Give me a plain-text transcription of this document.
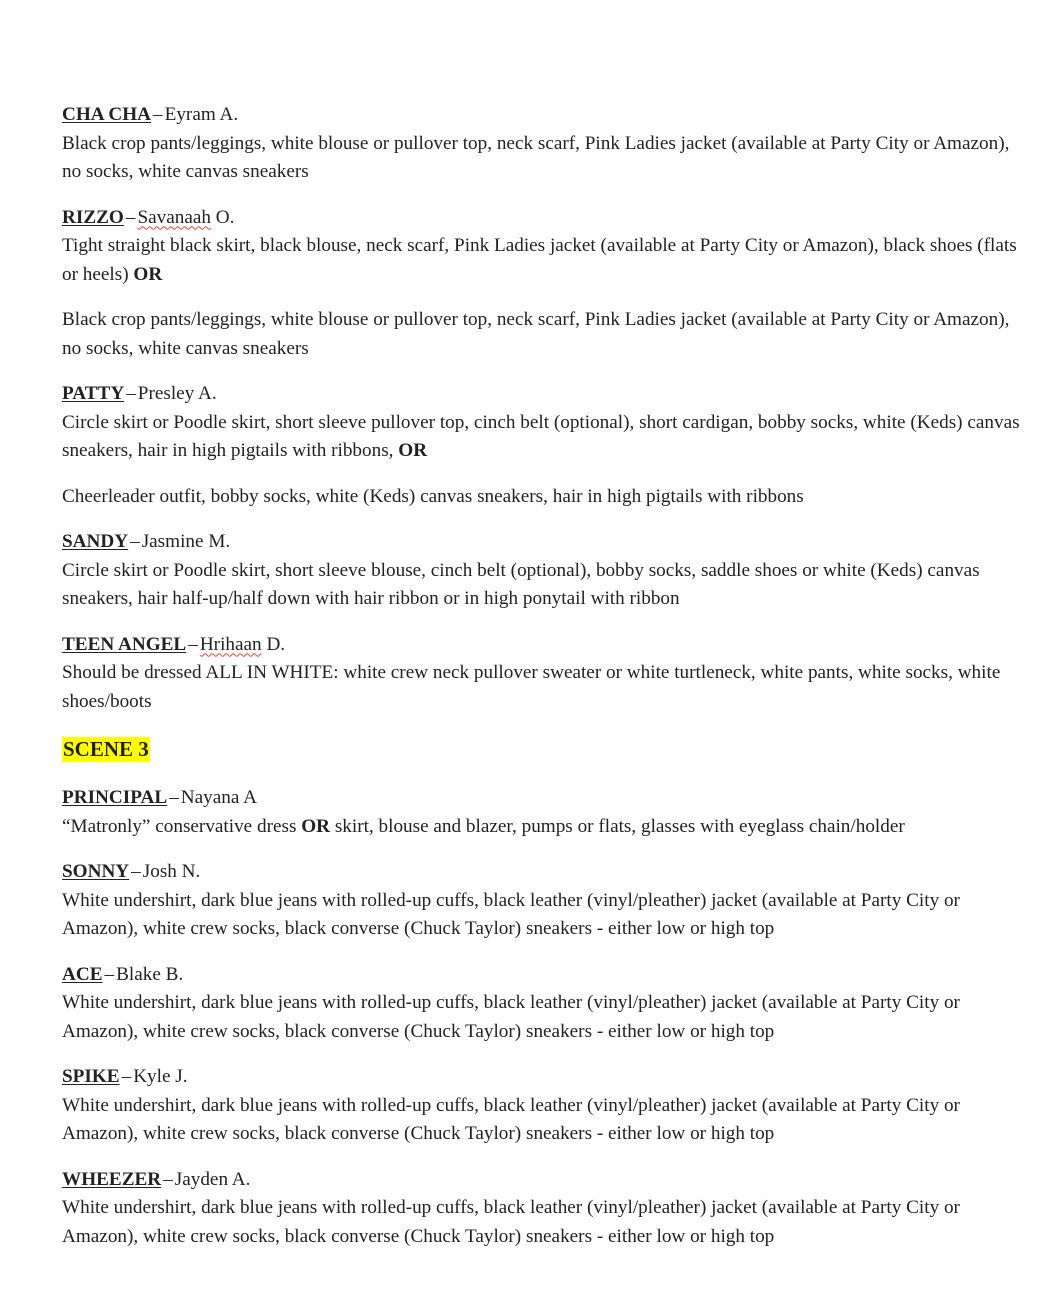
CHA CHA – Eyram A.
Black crop pants/leggings, white blouse or pullover top, neck scarf, Pink Ladies jacket (available at Party City or Amazon), no socks, white canvas sneakers
RIZZO – Savanaah O.
Tight straight black skirt, black blouse, neck scarf, Pink Ladies jacket (available at Party City or Amazon), black shoes (flats or heels) OR
Black crop pants/leggings, white blouse or pullover top, neck scarf, Pink Ladies jacket (available at Party City or Amazon), no socks, white canvas sneakers
PATTY – Presley A.
Circle skirt or Poodle skirt, short sleeve pullover top, cinch belt (optional), short cardigan, bobby socks, white (Keds) canvas sneakers, hair in high pigtails with ribbons, OR
Cheerleader outfit, bobby socks, white (Keds) canvas sneakers, hair in high pigtails with ribbons
SANDY – Jasmine M.
Circle skirt or Poodle skirt, short sleeve blouse, cinch belt (optional), bobby socks, saddle shoes or white (Keds) canvas sneakers, hair half-up/half down with hair ribbon or in high ponytail with ribbon
TEEN ANGEL – Hrihaan D.
Should be dressed ALL IN WHITE: white crew neck pullover sweater or white turtleneck, white pants, white socks, white shoes/boots
SCENE 3
PRINCIPAL – Nayana A
“Matronly” conservative dress OR skirt, blouse and blazer, pumps or flats, glasses with eyeglass chain/holder
SONNY – Josh N.
White undershirt, dark blue jeans with rolled-up cuffs, black leather (vinyl/pleather) jacket (available at Party City or Amazon), white crew socks, black converse (Chuck Taylor) sneakers - either low or high top
ACE – Blake B.
White undershirt, dark blue jeans with rolled-up cuffs, black leather (vinyl/pleather) jacket (available at Party City or Amazon), white crew socks, black converse (Chuck Taylor) sneakers - either low or high top
SPIKE – Kyle J.
White undershirt, dark blue jeans with rolled-up cuffs, black leather (vinyl/pleather) jacket (available at Party City or Amazon), white crew socks, black converse (Chuck Taylor) sneakers - either low or high top
WHEEZER – Jayden A.
White undershirt, dark blue jeans with rolled-up cuffs, black leather (vinyl/pleather) jacket (available at Party City or Amazon), white crew socks, black converse (Chuck Taylor) sneakers - either low or high top
